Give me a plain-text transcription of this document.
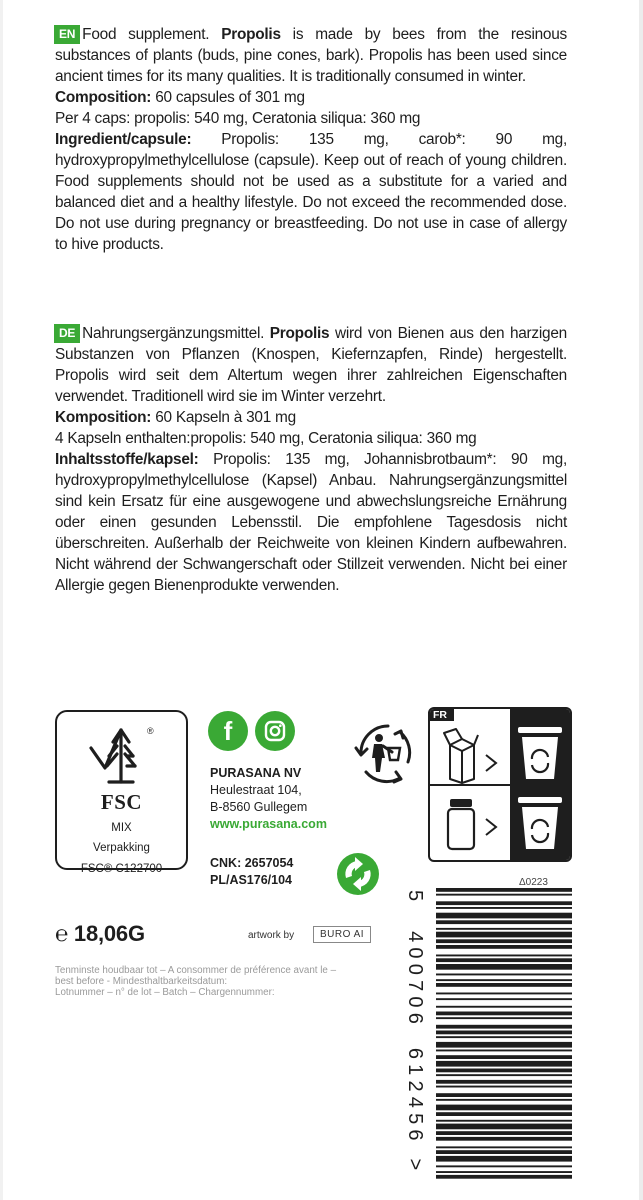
EN Food supplement. Propolis is made by bees from the resinous substances of plants (buds, pine cones, bark). Propolis has been used since ancient times for its many qualities. It is traditionally consumed in winter.

Composition: 60 capsules of 301 mg

Per 4 caps: propolis: 540 mg, Ceratonia siliqua: 360 mg

Ingredient/capsule: Propolis: 135 mg, carob*: 90 mg, hydroxypropylmethylcellulose (capsule). Keep out of reach of young children. Food supplements should not be used as a substitute for a varied and balanced diet and a healthy lifestyle. Do not exceed the recommended dose. Do not use during pregnancy or breastfeeding. Do not use in case of allergy to hive products.

DE Nahrungsergänzungsmittel. Propolis wird von Bienen aus den harzigen Substanzen von Pflanzen (Knospen, Kiefernzapfen, Rinde) hergestellt. Propolis wird seit dem Altertum wegen ihrer zahlreichen Eigenschaften verwendet. Traditionell wird sie im Winter verzehrt.

Komposition: 60 Kapseln à 301 mg

4 Kapseln enthalten:propolis: 540 mg, Ceratonia siliqua: 360 mg

Inhaltsstoffe/kapsel: Propolis: 135 mg, Johannisbrotbaum*: 90 mg, hydroxypropylmethylcellulose (Kapsel) Anbau. Nahrungsergänzungsmittel sind kein Ersatz für eine ausgewogene und abwechslungsreiche Ernährung oder einen gesunden Lebensstil. Die empfohlene Tagesdosis nicht überschreiten. Außerhalb der Reichweite von kleinen Kindern aufbewahren. Nicht während der Schwangerschaft oder Stillzeit verwenden. Nicht bei einer Allergie gegen Bienenprodukte verwenden.

®
FSC
MIX
Verpakking
FSC® C122700
f
PURASANA NV
Heulestraat 104,
B-8560 Gullegem
www.purasana.com
CNK: 2657054
PL/AS176/104
FR
Δ0223
℮ 18,06G	artwork by	BURO AI

Tenminste houdbaar tot – A consommer de préférence avant le –

best before - Mindesthaltbarkeitsdatum:

Lotnummer – n° de lot – Batch – Chargennummer:

5 400706 612456 >
